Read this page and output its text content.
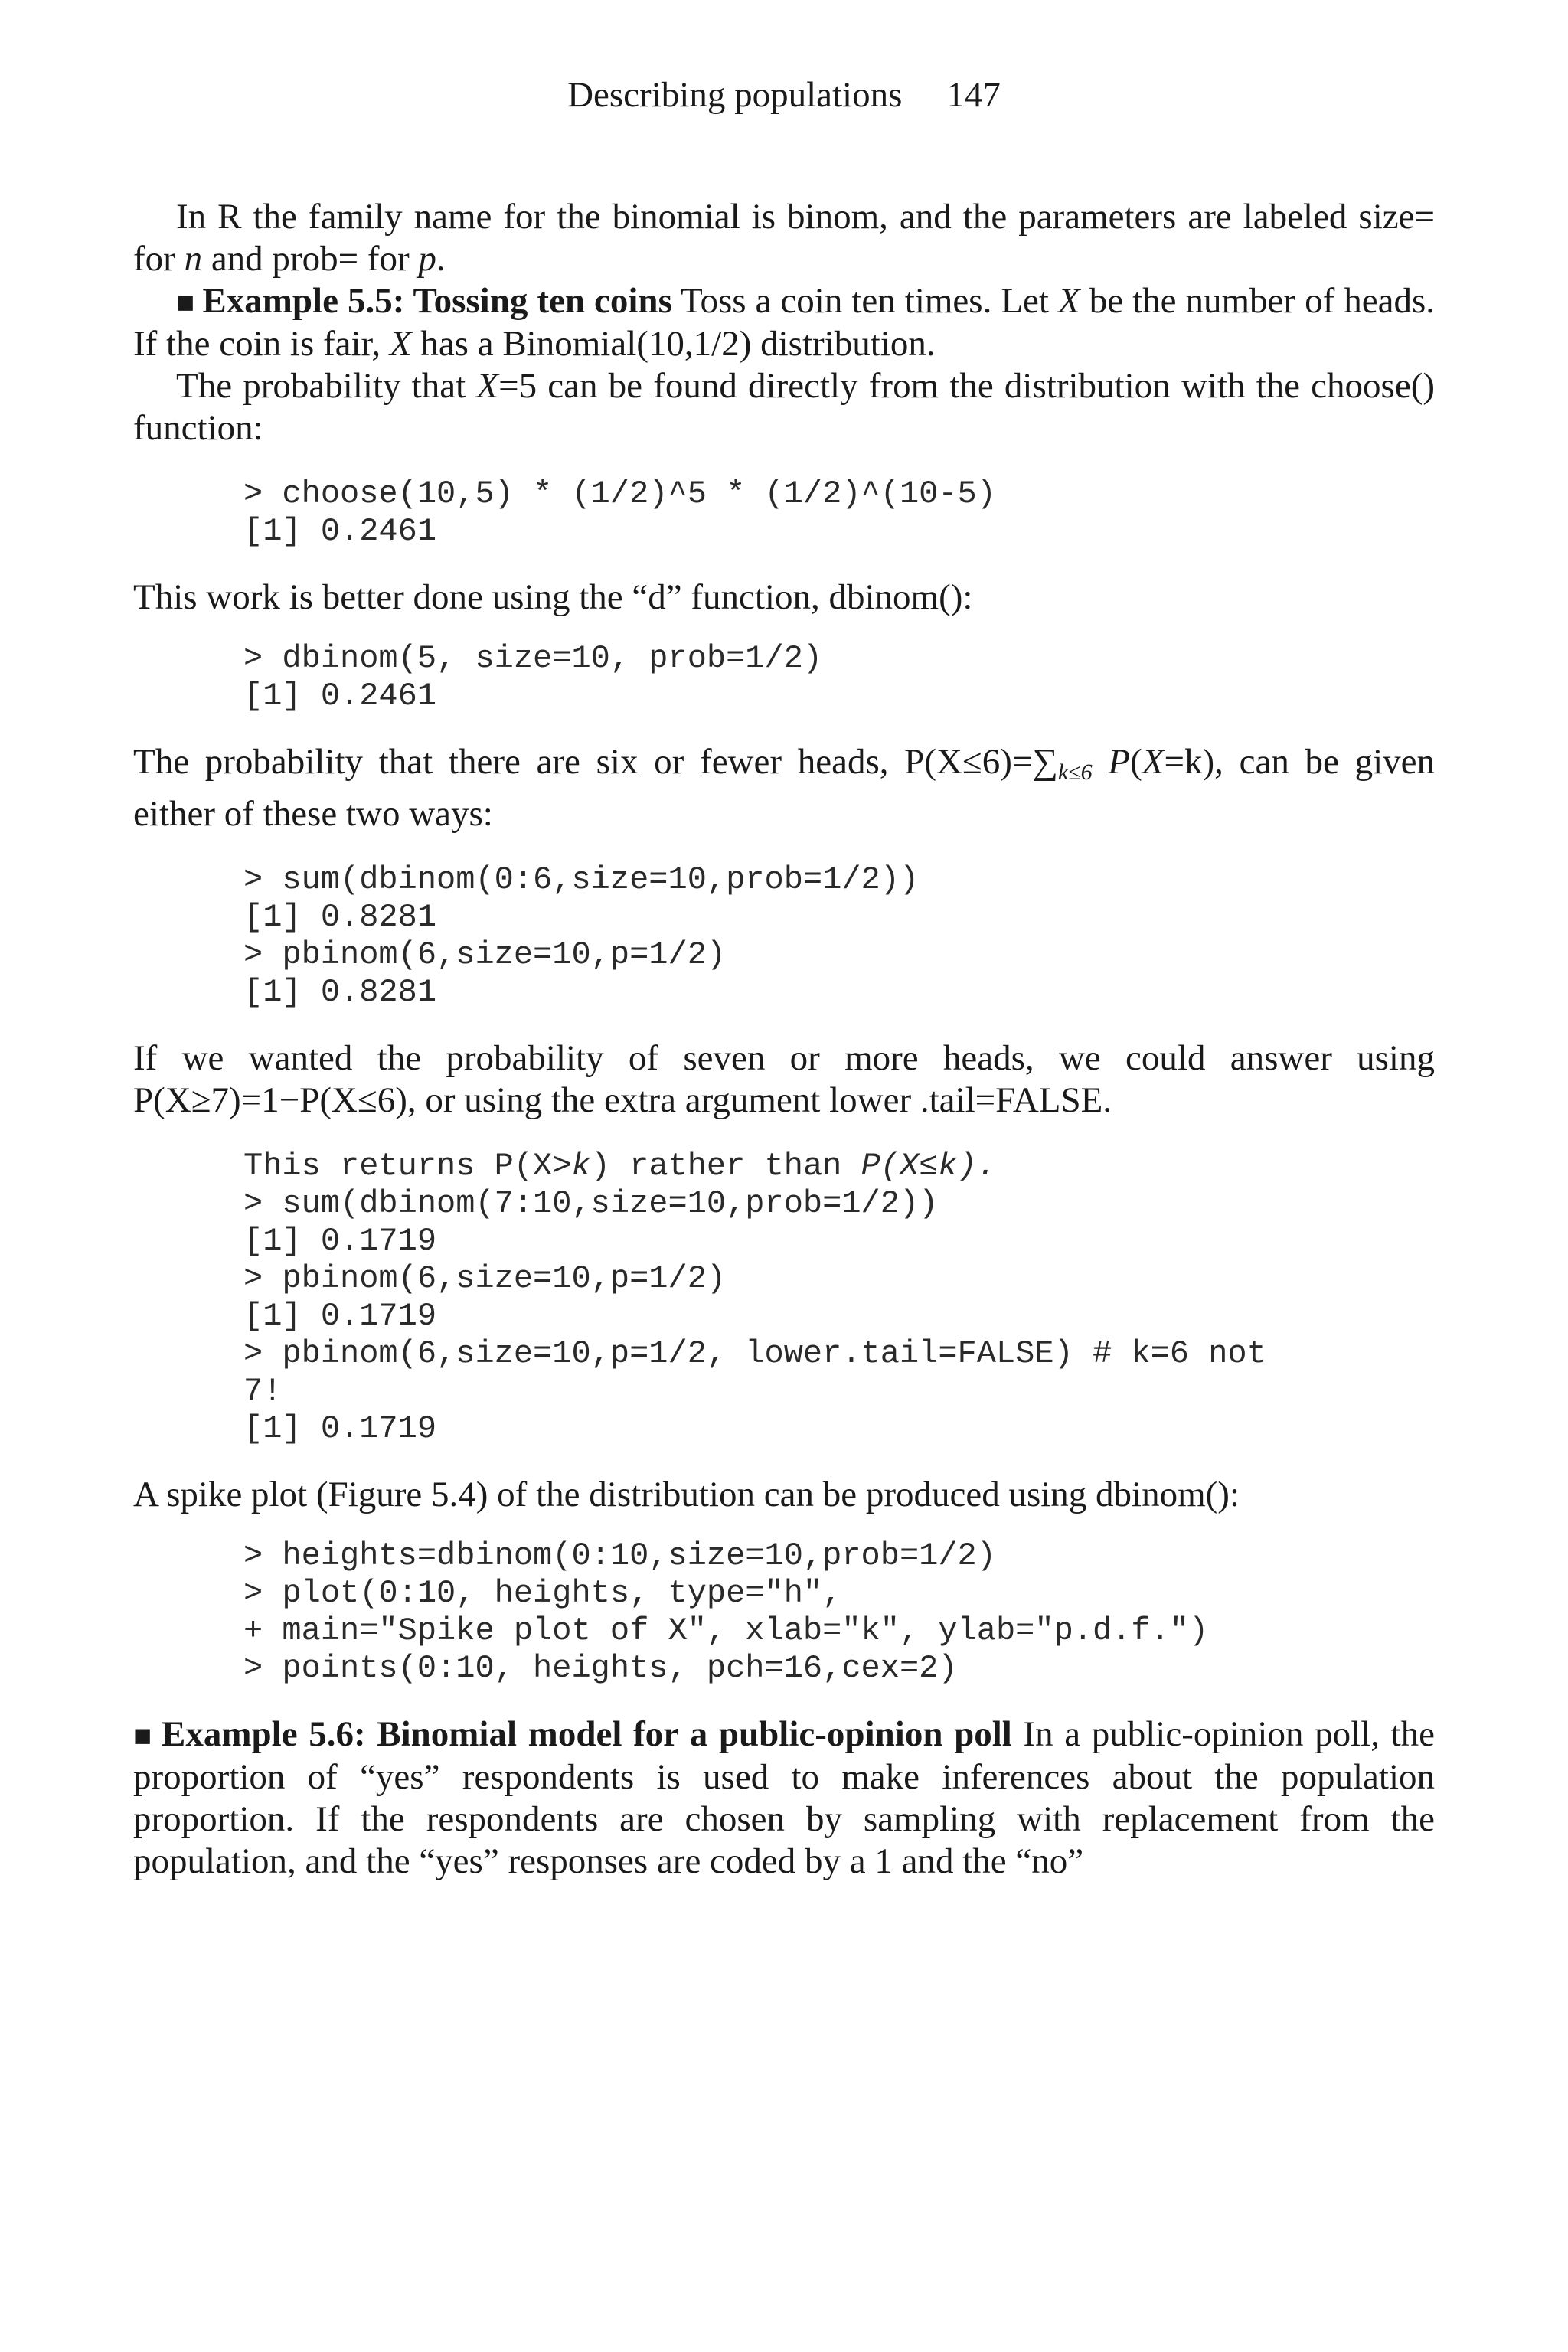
Describing populations 147

In R the family name for the binomial is binom, and the parameters are labeled size= for n and prob= for p.

■ Example 5.5: Tossing ten coins Toss a coin ten times. Let X be the number of heads. If the coin is fair, X has a Binomial(10,1/2) distribution.

The probability that X=5 can be found directly from the distribution with the choose() function:

> choose(10,5) * (1/2)^5 * (1/2)^(10-5)
[1] 0.2461

This work is better done using the “d” function, dbinom():

> dbinom(5, size=10, prob=1/2)
[1] 0.2461

The probability that there are six or fewer heads, $P(X\le 6)=\sum_{k\le 6}$ P(X=k), can be given either of these two ways:

> sum(dbinom(0:6,size=10,prob=1/2))
[1] 0.8281
> pbinom(6,size=10,p=1/2)
[1] 0.8281

If we wanted the probability of seven or more heads, we could answer using P(X≥7)=1−P(X≤6), or using the extra argument lower .tail=FALSE.

This returns P(X>k) rather than P(X≤k).
> sum(dbinom(7:10,size=10,prob=1/2))
[1] 0.1719
> pbinom(6,size=10,p=1/2)
[1] 0.1719
> pbinom(6,size=10,p=1/2, lower.tail=FALSE) # k=6 not
7!
[1] 0.1719

A spike plot (Figure 5.4) of the distribution can be produced using dbinom():

> heights=dbinom(0:10,size=10,prob=1/2)
> plot(0:10, heights, type="h",
+ main="Spike plot of X", xlab="k", ylab="p.d.f.")
> points(0:10, heights, pch=16,cex=2)

■ Example 5.6: Binomial model for a public-opinion poll In a public-opinion poll, the proportion of “yes” respondents is used to make inferences about the population proportion. If the respondents are chosen by sampling with replacement from the population, and the “yes” responses are coded by a 1 and the “no”
